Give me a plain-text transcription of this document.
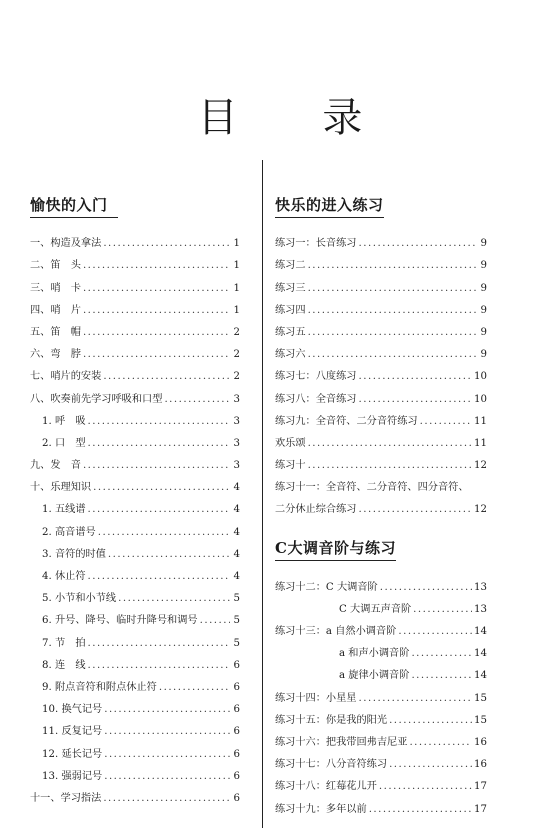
目 录
愉快的入门
一、构造及拿法 .....	1
二、笛　头 .....	1
三、哨　卡 .....	1
四、哨　片 .....	1
五、笛　帽 .....	2
六、弯　脖 .....	2
七、哨片的安装 .....	2
八、吹奏前先学习呼吸和口型 .....	3
1. 呼　吸 .....	3
2. 口　型 .....	3
九、发　音 .....	3
十、乐理知识 .....	4
1. 五线谱 .....	4
2. 高音谱号 .....	4
3. 音符的时值 .....	4
4. 休止符 .....	4
5. 小节和小节线 .....	5
6. 升号、降号、临时升降号和调号 .....	5
7. 节　拍 .....	5
8. 连　线 .....	6
9. 附点音符和附点休止符 .....	6
10. 换气记号 .....	6
11. 反复记号 .....	6
12. 延长记号 .....	6
13. 强弱记号 .....	6
十一、学习指法 .....	6
快乐的进入练习
练习一：长音练习 .....	9
练习二 .....	9
练习三 .....	9
练习四 .....	9
练习五 .....	9
练习六 .....	9
练习七：八度练习 .....	10
练习八：全音练习 .....	10
练习九：全音符、二分音符练习 .....	11
欢乐颂 .....	11
练习十 .....	12
练习十一：全音符、二分音符、四分音符、
二分休止综合练习 .....	12
C大调音阶与练习
练习十二：C 大调音阶 .....	13
C 大调五声音阶 .....	13
练习十三：a 自然小调音阶 .....	14
a 和声小调音阶 .....	14
a 旋律小调音阶 .....	14
练习十四：小星星 .....	15
练习十五：你是我的阳光 .....	15
练习十六：把我带回弗吉尼亚 .....	16
练习十七：八分音符练习 .....	16
练习十八：红莓花儿开 .....	17
练习十九：多年以前 .....	17
